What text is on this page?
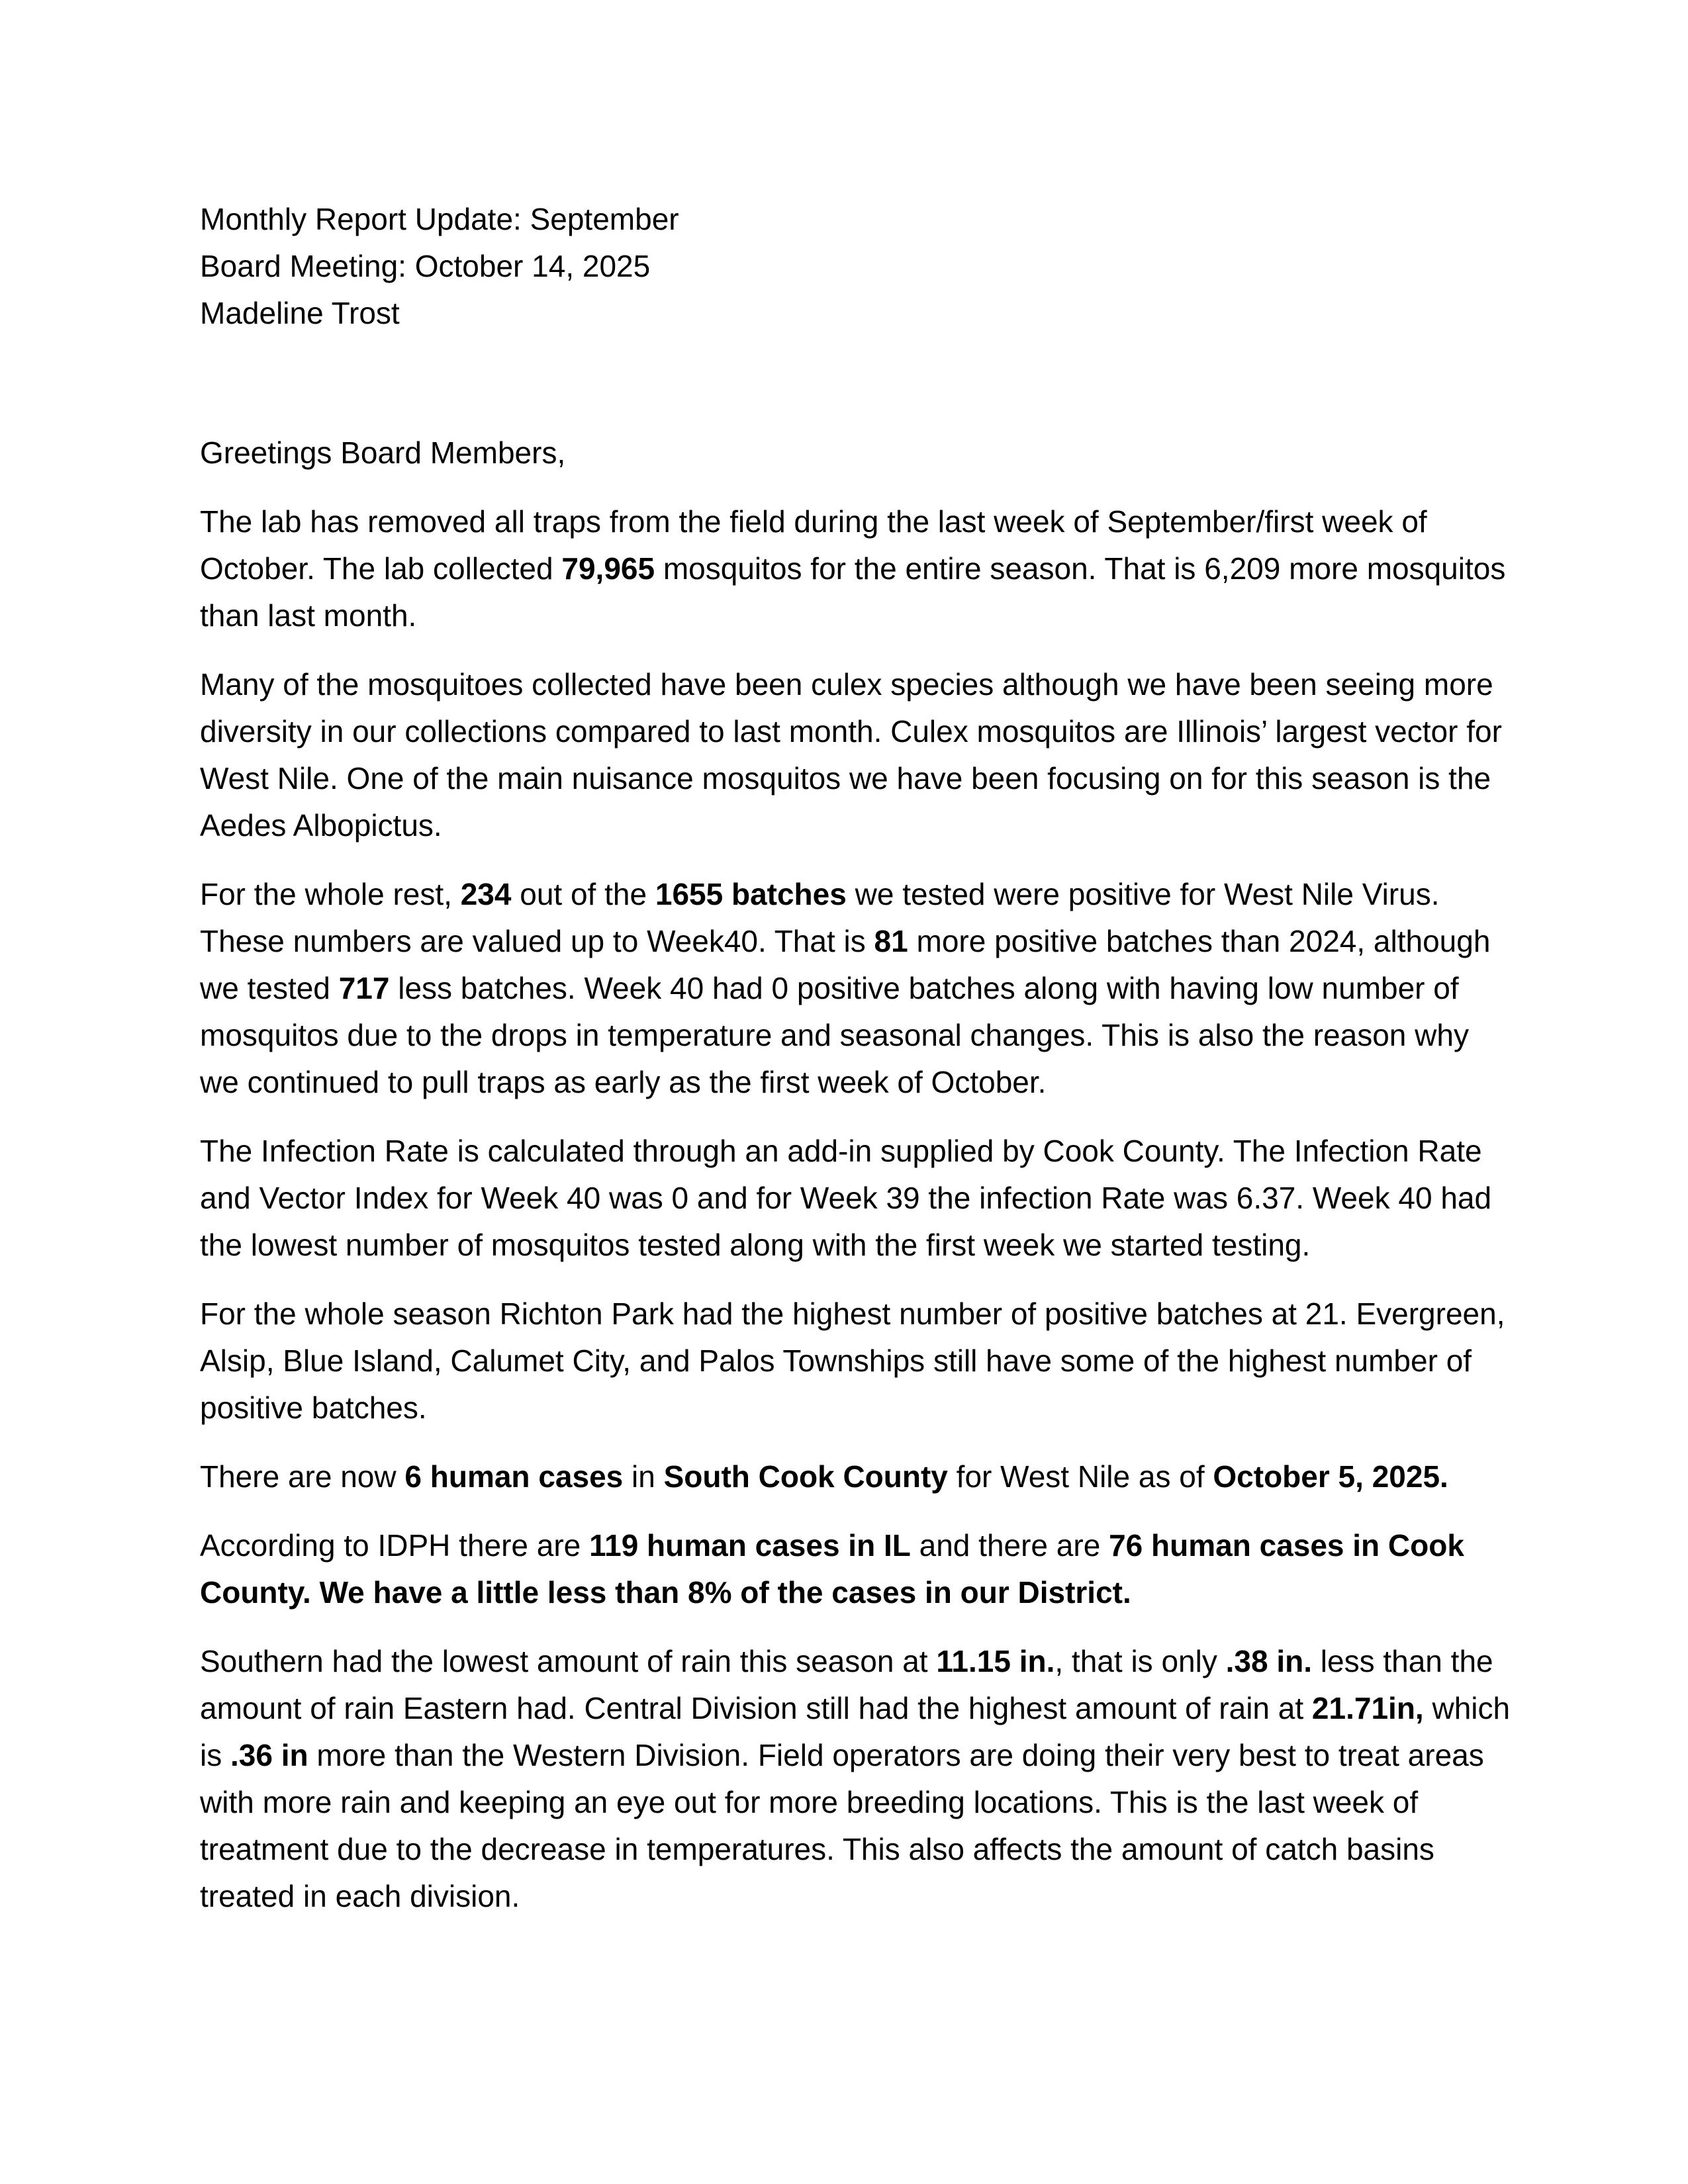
Monthly Report Update: September
Board Meeting: October 14, 2025
Madeline Trost

Greetings Board Members,

The lab has removed all traps from the field during the last week of September/first week of October. The lab collected 79,965 mosquitos for the entire season. That is 6,209 more mosquitos than last month.

Many of the mosquitoes collected have been culex species although we have been seeing more diversity in our collections compared to last month. Culex mosquitos are Illinois’ largest vector for West Nile. One of the main nuisance mosquitos we have been focusing on for this season is the Aedes Albopictus.

For the whole rest, 234 out of the 1655 batches we tested were positive for West Nile Virus. These numbers are valued up to Week40. That is 81 more positive batches than 2024, although we tested 717 less batches. Week 40 had 0 positive batches along with having low number of mosquitos due to the drops in temperature and seasonal changes. This is also the reason why we continued to pull traps as early as the first week of October.

The Infection Rate is calculated through an add-in supplied by Cook County. The Infection Rate and Vector Index for Week 40 was 0 and for Week 39 the infection Rate was 6.37. Week 40 had the lowest number of mosquitos tested along with the first week we started testing.

For the whole season Richton Park had the highest number of positive batches at 21. Evergreen, Alsip, Blue Island, Calumet City, and Palos Townships still have some of the highest number of positive batches.

There are now 6 human cases in South Cook County for West Nile as of October 5, 2025.

According to IDPH there are 119 human cases in IL and there are 76 human cases in Cook County. We have a little less than 8% of the cases in our District.

Southern had the lowest amount of rain this season at 11.15 in., that is only .38 in. less than the amount of rain Eastern had. Central Division still had the highest amount of rain at 21.71in, which is .36 in more than the Western Division. Field operators are doing their very best to treat areas with more rain and keeping an eye out for more breeding locations. This is the last week of treatment due to the decrease in temperatures. This also affects the amount of catch basins treated in each division.
